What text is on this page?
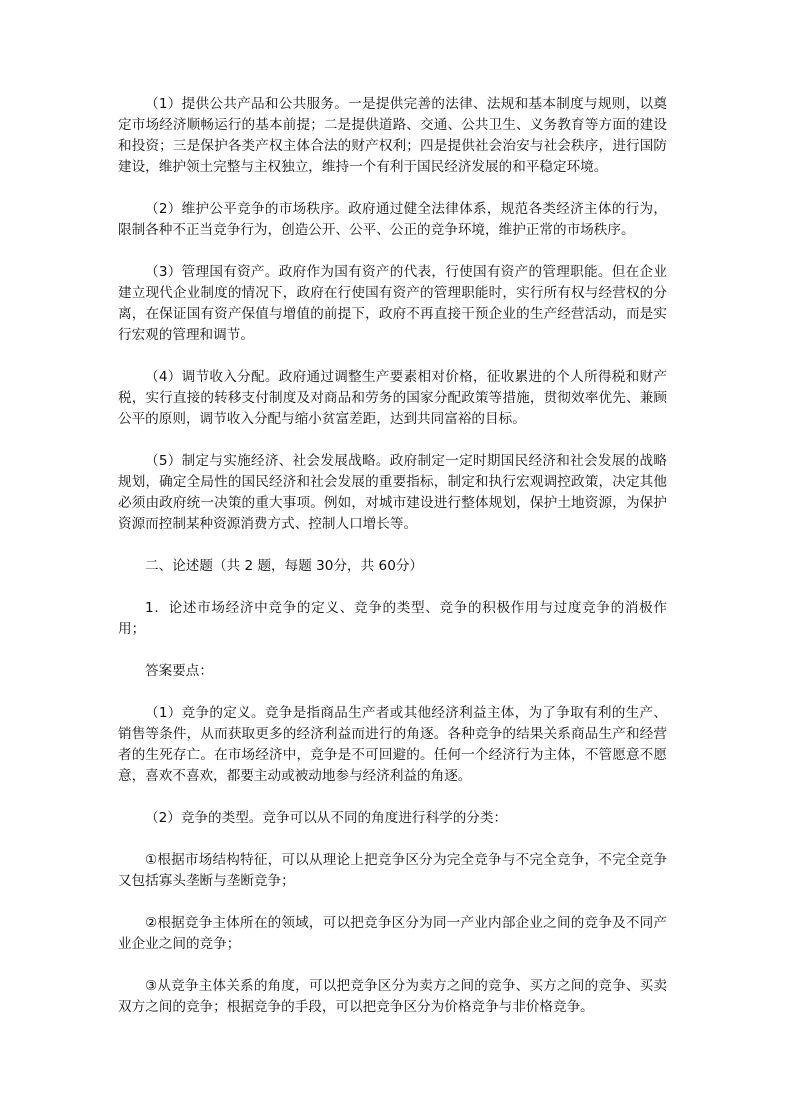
（1）提供公共产品和公共服务。一是提供完善的法律、法规和基本制度与规则，以奠定市场经济顺畅运行的基本前提；二是提供道路、交通、公共卫生、义务教育等方面的建设和投资；三是保护各类产权主体合法的财产权利；四是提供社会治安与社会秩序，进行国防建设，维护领土完整与主权独立，维持一个有利于国民经济发展的和平稳定环境。

（2）维护公平竞争的市场秩序。政府通过健全法律体系，规范各类经济主体的行为，限制各种不正当竞争行为，创造公开、公平、公正的竞争环境，维护正常的市场秩序。

（3）管理国有资产。政府作为国有资产的代表，行使国有资产的管理职能。但在企业建立现代企业制度的情况下，政府在行使国有资产的管理职能时，实行所有权与经营权的分离，在保证国有资产保值与增值的前提下，政府不再直接干预企业的生产经营活动，而是实行宏观的管理和调节。

（4）调节收入分配。政府通过调整生产要素相对价格，征收累进的个人所得税和财产税，实行直接的转移支付制度及对商品和劳务的国家分配政策等措施，贯彻效率优先、兼顾公平的原则，调节收入分配与缩小贫富差距，达到共同富裕的目标。

（5）制定与实施经济、社会发展战略。政府制定一定时期国民经济和社会发展的战略规划，确定全局性的国民经济和社会发展的重要指标，制定和执行宏观调控政策，决定其他必须由政府统一决策的重大事项。例如，对城市建设进行整体规划，保护土地资源，为保护资源而控制某种资源消费方式、控制人口增长等。

二、论述题（共 2 题，每题 30分，共 60分）

1．论述市场经济中竞争的定义、竞争的类型、竞争的积极作用与过度竞争的消极作用；

答案要点：

（1）竞争的定义。竞争是指商品生产者或其他经济利益主体，为了争取有利的生产、销售等条件，从而获取更多的经济利益而进行的角逐。各种竞争的结果关系商品生产和经营者的生死存亡。在市场经济中，竞争是不可回避的。任何一个经济行为主体，不管愿意不愿意，喜欢不喜欢，都要主动或被动地参与经济利益的角逐。

（2）竞争的类型。竞争可以从不同的角度进行科学的分类：

①根据市场结构特征，可以从理论上把竞争区分为完全竞争与不完全竞争，不完全竞争又包括寡头垄断与垄断竞争；

②根据竞争主体所在的领域，可以把竞争区分为同一产业内部企业之间的竞争及不同产业企业之间的竞争；

③从竞争主体关系的角度，可以把竞争区分为卖方之间的竞争、买方之间的竞争、买卖双方之间的竞争；根据竞争的手段，可以把竞争区分为价格竞争与非价格竞争。
